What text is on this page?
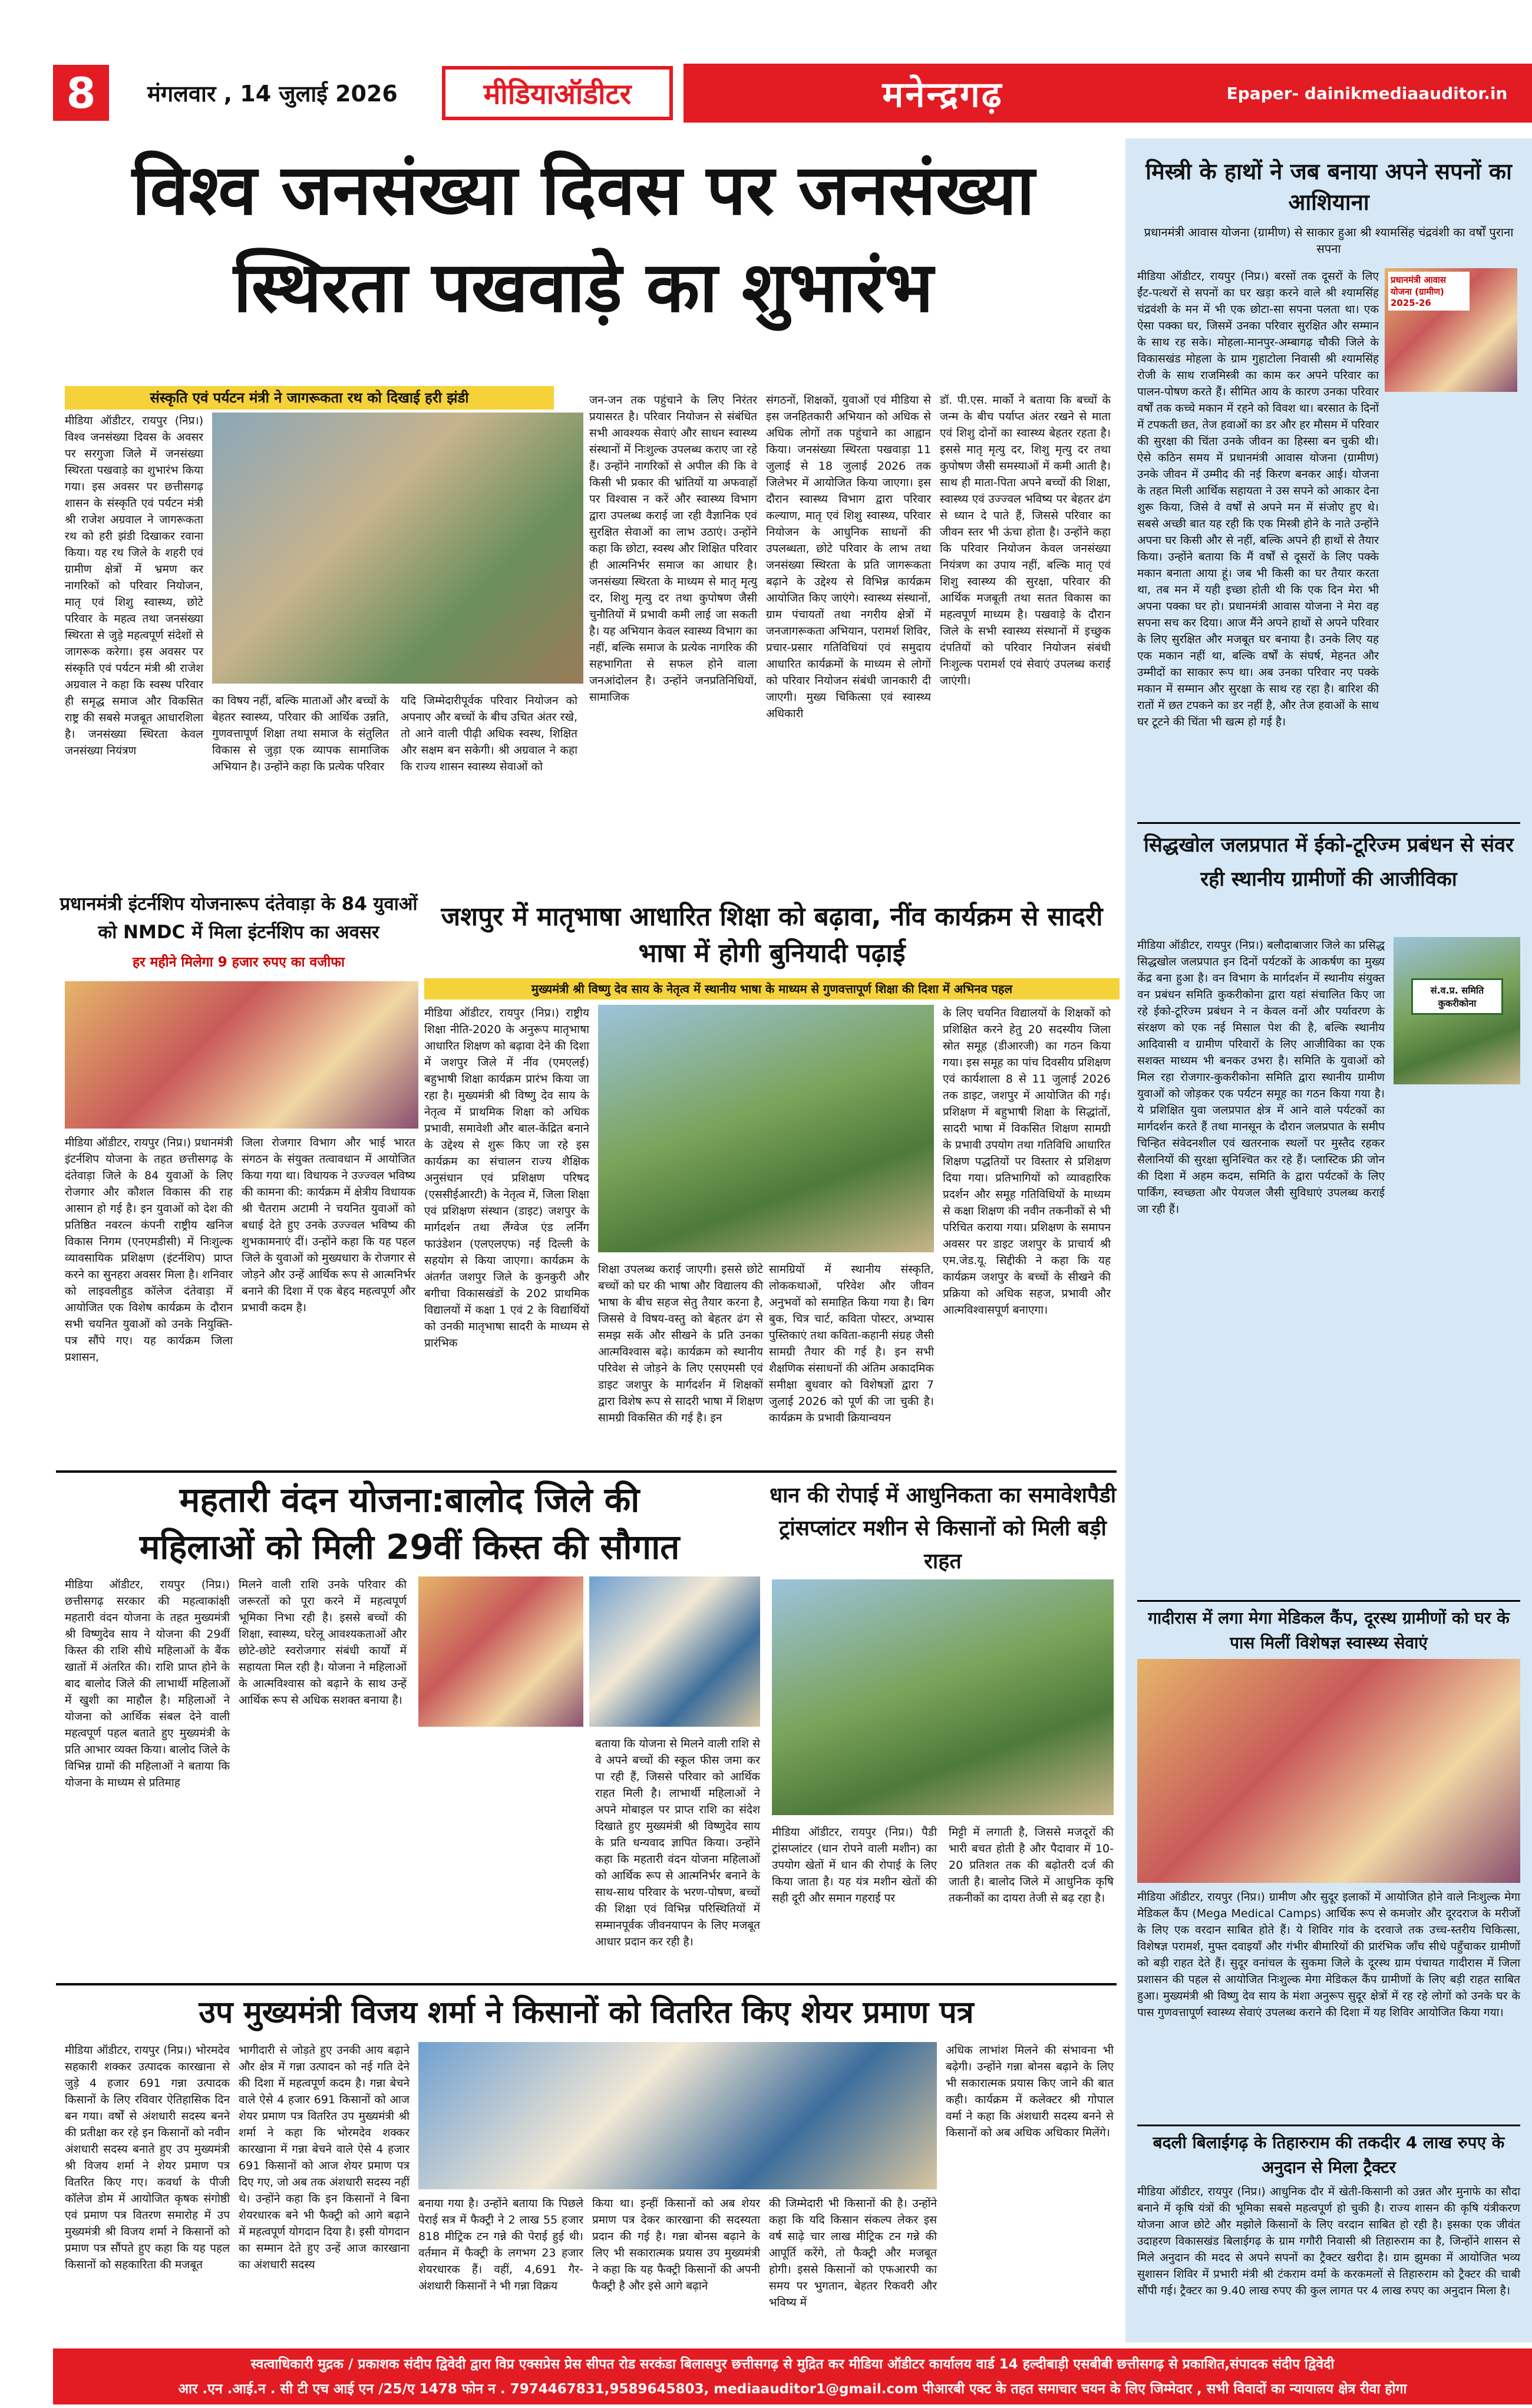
8	मंगलवार , 14 जुलाई 2026	मीडियाऑडीटर	मनेन्द्रगढ़	Epaper- dainikmediaauditor.in
विश्व जनसंख्या दिवस पर जनसंख्या
स्थिरता पखवाड़े का शुभारंभ
संस्कृति एवं पर्यटन मंत्री ने जागरूकता रथ को दिखाई हरी झंडी
मीडिया ऑडीटर, रायपुर (निप्र।) विश्व जनसंख्या दिवस के अवसर पर सरगुजा जिले में जनसंख्या स्थिरता पखवाड़े का शुभारंभ किया गया। इस अवसर पर छत्तीसगढ़ शासन के संस्कृति एवं पर्यटन मंत्री श्री राजेश अग्रवाल ने जागरूकता रथ को हरी झंडी दिखाकर रवाना किया। यह रथ जिले के शहरी एवं ग्रामीण क्षेत्रों में भ्रमण कर नागरिकों को परिवार नियोजन, मातृ एवं शिशु स्वास्थ्य, छोटे परिवार के महत्व तथा जनसंख्या स्थिरता से जुड़े महत्वपूर्ण संदेशों से जागरूक करेगा। इस अवसर पर संस्कृति एवं पर्यटन मंत्री श्री राजेश अग्रवाल ने कहा कि स्वस्थ परिवार ही समृद्ध समाज और विकसित राष्ट्र की सबसे मजबूत आधारशिला है। जनसंख्या स्थिरता केवल जनसंख्या नियंत्रण
का विषय नहीं, बल्कि माताओं और बच्चों के बेहतर स्वास्थ्य, परिवार की आर्थिक उन्नति, गुणवत्तापूर्ण शिक्षा तथा समाज के संतुलित विकास से जुड़ा एक व्यापक सामाजिक अभियान है। उन्होंने कहा कि प्रत्येक परिवार
यदि जिम्मेदारीपूर्वक परिवार नियोजन को अपनाए और बच्चों के बीच उचित अंतर रखे, तो आने वाली पीढ़ी अधिक स्वस्थ, शिक्षित और सक्षम बन सकेगी। श्री अग्रवाल ने कहा कि राज्य शासन स्वास्थ्य सेवाओं को
जन-जन तक पहुंचाने के लिए निरंतर प्रयासरत है। परिवार नियोजन से संबंधित सभी आवश्यक सेवाएं और साधन स्वास्थ्य संस्थानों में निःशुल्क उपलब्ध कराए जा रहे हैं। उन्होंने नागरिकों से अपील की कि वे किसी भी प्रकार की भ्रांतियों या अफवाहों पर विश्वास न करें और स्वास्थ्य विभाग द्वारा उपलब्ध कराई जा रही वैज्ञानिक एवं सुरक्षित सेवाओं का लाभ उठाएं। उन्होंने कहा कि छोटा, स्वस्थ और शिक्षित परिवार ही आत्मनिर्भर समाज का आधार है। जनसंख्या स्थिरता के माध्यम से मातृ मृत्यु दर, शिशु मृत्यु दर तथा कुपोषण जैसी चुनौतियों में प्रभावी कमी लाई जा सकती है। यह अभियान केवल स्वास्थ्य विभाग का नहीं, बल्कि समाज के प्रत्येक नागरिक की सहभागिता से सफल होने वाला जनआंदोलन है। उन्होंने जनप्रतिनिधियों, सामाजिक
संगठनों, शिक्षकों, युवाओं एवं मीडिया से इस जनहितकारी अभियान को अधिक से अधिक लोगों तक पहुंचाने का आह्वान किया। जनसंख्या स्थिरता पखवाड़ा 11 जुलाई से 18 जुलाई 2026 तक जिलेभर में आयोजित किया जाएगा। इस दौरान स्वास्थ्य विभाग द्वारा परिवार कल्याण, मातृ एवं शिशु स्वास्थ्य, परिवार नियोजन के आधुनिक साधनों की उपलब्धता, छोटे परिवार के लाभ तथा जनसंख्या स्थिरता के प्रति जागरूकता बढ़ाने के उद्देश्य से विभिन्न कार्यक्रम आयोजित किए जाएंगे। स्वास्थ्य संस्थानों, ग्राम पंचायतों तथा नगरीय क्षेत्रों में जनजागरूकता अभियान, परामर्श शिविर, प्रचार-प्रसार गतिविधियां एवं समुदाय आधारित कार्यक्रमों के माध्यम से लोगों को परिवार नियोजन संबंधी जानकारी दी जाएगी। मुख्य चिकित्सा एवं स्वास्थ्य अधिकारी
डॉ. पी.एस. मार्को ने बताया कि बच्चों के जन्म के बीच पर्याप्त अंतर रखने से माता एवं शिशु दोनों का स्वास्थ्य बेहतर रहता है। इससे मातृ मृत्यु दर, शिशु मृत्यु दर तथा कुपोषण जैसी समस्याओं में कमी आती है। साथ ही माता-पिता अपने बच्चों की शिक्षा, स्वास्थ्य एवं उज्ज्वल भविष्य पर बेहतर ढंग से ध्यान दे पाते हैं, जिससे परिवार का जीवन स्तर भी ऊंचा होता है। उन्होंने कहा कि परिवार नियोजन केवल जनसंख्या नियंत्रण का उपाय नहीं, बल्कि मातृ एवं शिशु स्वास्थ्य की सुरक्षा, परिवार की आर्थिक मजबूती तथा सतत विकास का महत्वपूर्ण माध्यम है। पखवाड़े के दौरान जिले के सभी स्वास्थ्य संस्थानों में इच्छुक दंपतियों को परिवार नियोजन संबंधी निःशुल्क परामर्श एवं सेवाएं उपलब्ध कराई जाएंगी।
प्रधानमंत्री इंटर्नशिप योजनारूप दंतेवाड़ा के 84 युवाओं को NMDC में मिला इंटर्नशिप का अवसर
हर महीने मिलेगा 9 हजार रुपए का वजीफा
मीडिया ऑडीटर, रायपुर (निप्र।) प्रधानमंत्री इंटर्नशिप योजना के तहत छत्तीसगढ़ के दंतेवाड़ा जिले के 84 युवाओं के लिए रोजगार और कौशल विकास की राह आसान हो गई है। इन युवाओं को देश की प्रतिष्ठित नवरत्न कंपनी राष्ट्रीय खनिज विकास निगम (एनएमडीसी) में निःशुल्क व्यावसायिक प्रशिक्षण (इंटर्नशिप) प्राप्त करने का सुनहरा अवसर मिला है। शनिवार को लाइवलीहुड कॉलेज दंतेवाड़ा में आयोजित एक विशेष कार्यक्रम के दौरान सभी चयनित युवाओं को उनके नियुक्ति-पत्र सौंपे गए। यह कार्यक्रम जिला प्रशासन,
जिला रोजगार विभाग और भाई भारत संगठन के संयुक्त तत्वावधान में आयोजित किया गया था। विधायक ने उज्ज्वल भविष्य की कामना की: कार्यक्रम में क्षेत्रीय विधायक श्री चैतराम अटामी ने चयनित युवाओं को बधाई देते हुए उनके उज्ज्वल भविष्य की शुभकामनाएं दीं। उन्होंने कहा कि यह पहल जिले के युवाओं को मुख्यधारा के रोजगार से जोड़ने और उन्हें आर्थिक रूप से आत्मनिर्भर बनाने की दिशा में एक बेहद महत्वपूर्ण और प्रभावी कदम है।
जशपुर में मातृभाषा आधारित शिक्षा को बढ़ावा, नींव कार्यक्रम से सादरी भाषा में होगी बुनियादी पढ़ाई
मुख्यमंत्री श्री विष्णु देव साय के नेतृत्व में स्थानीय भाषा के माध्यम से गुणवत्तापूर्ण शिक्षा की दिशा में अभिनव पहल
मीडिया ऑडीटर, रायपुर (निप्र।) राष्ट्रीय शिक्षा नीति-2020 के अनुरूप मातृभाषा आधारित शिक्षण को बढ़ावा देने की दिशा में जशपुर जिले में नींव (एमएलई) बहुभाषी शिक्षा कार्यक्रम प्रारंभ किया जा रहा है। मुख्यमंत्री श्री विष्णु देव साय के नेतृत्व में प्राथमिक शिक्षा को अधिक प्रभावी, समावेशी और बाल-केंद्रित बनाने के उद्देश्य से शुरू किए जा रहे इस कार्यक्रम का संचालन राज्य शैक्षिक अनुसंधान एवं प्रशिक्षण परिषद (एससीईआरटी) के नेतृत्व में, जिला शिक्षा एवं प्रशिक्षण संस्थान (डाइट) जशपुर के मार्गदर्शन तथा लैंग्वेज एंड लर्निंग फाउंडेशन (एलएलएफ) नई दिल्ली के सहयोग से किया जाएगा। कार्यक्रम के अंतर्गत जशपुर जिले के कुनकुरी और बगीचा विकासखंडों के 202 प्राथमिक विद्यालयों में कक्षा 1 एवं 2 के विद्यार्थियों को उनकी मातृभाषा सादरी के माध्यम से प्रारंभिक
शिक्षा उपलब्ध कराई जाएगी। इससे छोटे बच्चों को घर की भाषा और विद्यालय की भाषा के बीच सहज सेतु तैयार करना है, जिससे वे विषय-वस्तु को बेहतर ढंग से समझ सकें और सीखने के प्रति उनका आत्मविश्वास बढ़े। कार्यक्रम को स्थानीय परिवेश से जोड़ने के लिए एसएमसी एवं डाइट जशपुर के मार्गदर्शन में शिक्षकों द्वारा विशेष रूप से सादरी भाषा में शिक्षण सामग्री विकसित की गई है। इन
सामग्रियों में स्थानीय संस्कृति, लोककथाओं, परिवेश और जीवन अनुभवों को समाहित किया गया है। बिग बुक, चित्र चार्ट, कविता पोस्टर, अभ्यास पुस्तिकाएं तथा कविता-कहानी संग्रह जैसी सामग्री तैयार की गई है। इन सभी शैक्षणिक संसाधनों की अंतिम अकादमिक समीक्षा बुधवार को विशेषज्ञों द्वारा 7 जुलाई 2026 को पूर्ण की जा चुकी है। कार्यक्रम के प्रभावी क्रियान्वयन
के लिए चयनित विद्यालयों के शिक्षकों को प्रशिक्षित करने हेतु 20 सदस्यीय जिला स्रोत समूह (डीआरजी) का गठन किया गया। इस समूह का पांच दिवसीय प्रशिक्षण एवं कार्यशाला 8 से 11 जुलाई 2026 तक डाइट, जशपुर में आयोजित की गई। प्रशिक्षण में बहुभाषी शिक्षा के सिद्धांतों, सादरी भाषा में विकसित शिक्षण सामग्री के प्रभावी उपयोग तथा गतिविधि आधारित शिक्षण पद्धतियों पर विस्तार से प्रशिक्षण दिया गया। प्रतिभागियों को व्यावहारिक प्रदर्शन और समूह गतिविधियों के माध्यम से कक्षा शिक्षण की नवीन तकनीकों से भी परिचित कराया गया। प्रशिक्षण के समापन अवसर पर डाइट जशपुर के प्राचार्य श्री एम.जेड.यू. सिद्दीकी ने कहा कि यह कार्यक्रम जशपुर के बच्चों के सीखने की प्रक्रिया को अधिक सहज, प्रभावी और आत्मविश्वासपूर्ण बनाएगा।
महतारी वंदन योजना:बालोद जिले की
महिलाओं को मिली 29वीं किस्त की सौगात
मीडिया ऑडीटर, रायपुर (निप्र।) छत्तीसगढ़ सरकार की महत्वाकांक्षी महतारी वंदन योजना के तहत मुख्यमंत्री श्री विष्णुदेव साय ने योजना की 29वीं किस्त की राशि सीधे महिलाओं के बैंक खातों में अंतरित की। राशि प्राप्त होने के बाद बालोद जिले की लाभार्थी महिलाओं में खुशी का माहौल है। महिलाओं ने योजना को आर्थिक संबल देने वाली महत्वपूर्ण पहल बताते हुए मुख्यमंत्री के प्रति आभार व्यक्त किया। बालोद जिले के विभिन्न ग्रामों की महिलाओं ने बताया कि योजना के माध्यम से प्रतिमाह
मिलने वाली राशि उनके परिवार की जरूरतों को पूरा करने में महत्वपूर्ण भूमिका निभा रही है। इससे बच्चों की शिक्षा, स्वास्थ्य, घरेलू आवश्यकताओं और छोटे-छोटे स्वरोजगार संबंधी कार्यों में सहायता मिल रही है। योजना ने महिलाओं के आत्मविश्वास को बढ़ाने के साथ उन्हें आर्थिक रूप से अधिक सशक्त बनाया है।
बताया कि योजना से मिलने वाली राशि से वे अपने बच्चों की स्कूल फीस जमा कर पा रही हैं, जिससे परिवार को आर्थिक राहत मिली है। लाभार्थी महिलाओं ने अपने मोबाइल पर प्राप्त राशि का संदेश दिखाते हुए मुख्यमंत्री श्री विष्णुदेव साय के प्रति धन्यवाद ज्ञापित किया। उन्होंने कहा कि महतारी वंदन योजना महिलाओं को आर्थिक रूप से आत्मनिर्भर बनाने के साथ-साथ परिवार के भरण-पोषण, बच्चों की शिक्षा एवं विभिन्न परिस्थितियों में सम्मानपूर्वक जीवनयापन के लिए मजबूत आधार प्रदान कर रही है।
धान की रोपाई में आधुनिकता का समावेशपैडी ट्रांसप्लांटर मशीन से किसानों को मिली बड़ी राहत
मीडिया ऑडीटर, रायपुर (निप्र।) पैडी ट्रांसप्लांटर (धान रोपने वाली मशीन) का उपयोग खेतों में धान की रोपाई के लिए किया जाता है। यह यंत्र मशीन खेतों की सही दूरी और समान गहराई पर
मिट्टी में लगाती है, जिससे मजदूरों की भारी बचत होती है और पैदावार में 10-20 प्रतिशत तक की बढ़ोतरी दर्ज की जाती है। बालोद जिले में आधुनिक कृषि तकनीकों का दायरा तेजी से बढ़ रहा है।
उप मुख्यमंत्री विजय शर्मा ने किसानों को वितरित किए शेयर प्रमाण पत्र
मीडिया ऑडीटर, रायपुर (निप्र।) भोरमदेव सहकारी शक्कर उत्पादक कारखाना से जुड़े 4 हजार 691 गन्ना उत्पादक किसानों के लिए रविवार ऐतिहासिक दिन बन गया। वर्षों से अंशधारी सदस्य बनने की प्रतीक्षा कर रहे इन किसानों को नवीन अंशधारी सदस्य बनाते हुए उप मुख्यमंत्री श्री विजय शर्मा ने शेयर प्रमाण पत्र वितरित किए गए। कवर्धा के पीजी कॉलेज डोम में आयोजित कृषक संगोष्ठी एवं प्रमाण पत्र वितरण समारोह में उप मुख्यमंत्री श्री विजय शर्मा ने किसानों को प्रमाण पत्र सौंपते हुए कहा कि यह पहल किसानों को सहकारिता की मजबूत
भागीदारी से जोड़ते हुए उनकी आय बढ़ाने और क्षेत्र में गन्ना उत्पादन को नई गति देने की दिशा में महत्वपूर्ण कदम है। गन्ना बेचने वाले ऐसे 4 हजार 691 किसानों को आज शेयर प्रमाण पत्र वितरित उप मुख्यमंत्री श्री शर्मा ने कहा कि भोरमदेव शक्कर कारखाना में गन्ना बेचने वाले ऐसे 4 हजार 691 किसानों को आज शेयर प्रमाण पत्र दिए गए, जो अब तक अंशधारी सदस्य नहीं थे। उन्होंने कहा कि इन किसानों ने बिना शेयरधारक बने भी फैक्ट्री को आगे बढ़ाने में महत्वपूर्ण योगदान दिया है। इसी योगदान का सम्मान देते हुए उन्हें आज कारखाना का अंशधारी सदस्य
बनाया गया है। उन्होंने बताया कि पिछले पेराई सत्र में फैक्ट्री ने 2 लाख 55 हजार 818 मीट्रिक टन गन्ने की पेराई हुई थी। वर्तमान में फैक्ट्री के लगभग 23 हजार शेयरधारक हैं। वहीं, 4,691 गैर-अंशधारी किसानों ने भी गन्ना विक्रय
किया था। इन्हीं किसानों को अब शेयर प्रमाण पत्र देकर कारखाना की सदस्यता प्रदान की गई है। गन्ना बोनस बढ़ाने के लिए भी सकारात्मक प्रयास उप मुख्यमंत्री ने कहा कि यह फैक्ट्री किसानों की अपनी फैक्ट्री है और इसे आगे बढ़ाने
की जिम्मेदारी भी किसानों की है। उन्होंने कहा कि यदि किसान संकल्प लेकर इस वर्ष साढ़े चार लाख मीट्रिक टन गन्ने की आपूर्ति करेंगे, तो फैक्ट्री और मजबूत होगी। इससे किसानों को एफआरपी का समय पर भुगतान, बेहतर रिकवरी और भविष्य में
अधिक लाभांश मिलने की संभावना भी बढ़ेगी। उन्होंने गन्ना बोनस बढ़ाने के लिए भी सकारात्मक प्रयास किए जाने की बात कही। कार्यक्रम में कलेक्टर श्री गोपाल वर्मा ने कहा कि अंशधारी सदस्य बनने से किसानों को अब अधिक अधिकार मिलेंगे।
मिस्त्री के हाथों ने जब बनाया अपने सपनों का आशियाना
प्रधानमंत्री आवास योजना (ग्रामीण) से साकार हुआ श्री श्यामसिंह चंद्रवंशी का वर्षों पुराना सपना
प्रधानमंत्री आवास योजना (ग्रामीण) 2025-26
मीडिया ऑडीटर, रायपुर (निप्र।) बरसों तक दूसरों के लिए ईंट-पत्थरों से सपनों का घर खड़ा करने वाले श्री श्यामसिंह चंद्रवंशी के मन में भी एक छोटा-सा सपना पलता था। एक ऐसा पक्का घर, जिसमें उनका परिवार सुरक्षित और सम्मान के साथ रह सके। मोहला-मानपुर-अम्बागढ़ चौकी जिले के विकासखंड मोहला के ग्राम गुहाटोला निवासी श्री श्यामसिंह रोजी के साथ राजमिस्त्री का काम कर अपने परिवार का पालन-पोषण करते हैं। सीमित आय के कारण उनका परिवार वर्षों तक कच्चे मकान में रहने को विवश था। बरसात के दिनों में टपकती छत, तेज हवाओं का डर और हर मौसम में परिवार की सुरक्षा की चिंता उनके जीवन का हिस्सा बन चुकी थी। ऐसे कठिन समय में प्रधानमंत्री आवास योजना (ग्रामीण) उनके जीवन में उम्मीद की नई किरण बनकर आई। योजना के तहत मिली आर्थिक सहायता ने उस सपने को आकार देना शुरू किया, जिसे वे वर्षों से अपने मन में संजोए हुए थे। सबसे अच्छी बात यह रही कि एक मिस्त्री होने के नाते उन्होंने अपना घर किसी और से नहीं, बल्कि अपने ही हाथों से तैयार किया। उन्होंने बताया कि मैं वर्षों से दूसरों के लिए पक्के मकान बनाता आया हूं। जब भी किसी का घर तैयार करता था, तब मन में यही इच्छा होती थी कि एक दिन मेरा भी अपना पक्का घर हो। प्रधानमंत्री आवास योजना ने मेरा वह सपना सच कर दिया। आज मैंने अपने हाथों से अपने परिवार के लिए सुरक्षित और मजबूत घर बनाया है। उनके लिए यह एक मकान नहीं था, बल्कि वर्षों के संघर्ष, मेहनत और उम्मीदों का साकार रूप था। अब उनका परिवार नए पक्के मकान में सम्मान और सुरक्षा के साथ रह रहा है। बारिश की रातों में छत टपकने का डर नहीं है, और तेज हवाओं के साथ घर टूटने की चिंता भी खत्म हो गई है।
सिद्धखोल जलप्रपात में ईको-टूरिज्म प्रबंधन से संवर रही स्थानीय ग्रामीणों की आजीविका
मीडिया ऑडीटर, रायपुर (निप्र।) बलौदाबाजार जिले का प्रसिद्ध सिद्धखोल जलप्रपात इन दिनों पर्यटकों के आकर्षण का मुख्य केंद्र बना हुआ है। वन विभाग के मार्गदर्शन में स्थानीय संयुक्त वन प्रबंधन समिति कुकरीकोना द्वारा यहां संचालित किए जा रहे ईको-टूरिज्म प्रबंधन ने न केवल वनों और पर्यावरण के संरक्षण को एक नई मिसाल पेश की है, बल्कि स्थानीय आदिवासी व ग्रामीण परिवारों के लिए आजीविका का एक सशक्त माध्यम भी बनकर उभरा है। समिति के युवाओं को मिल रहा रोजगार-कुकरीकोना समिति द्वारा स्थानीय ग्रामीण युवाओं को जोड़कर एक पर्यटन समूह का गठन किया गया है। ये प्रशिक्षित युवा जलप्रपात क्षेत्र में आने वाले पर्यटकों का मार्गदर्शन करते हैं तथा मानसून के दौरान जलप्रपात के समीप चिन्हित संवेदनशील एवं खतरनाक स्थलों पर मुस्तैद रहकर सैलानियों की सुरक्षा सुनिश्चित कर रहे हैं। प्लास्टिक फ्री जोन की दिशा में अहम कदम, समिति के द्वारा पर्यटकों के लिए पार्किंग, स्वच्छता और पेयजल जैसी सुविधाएं उपलब्ध कराई जा रही हैं।
सं.व.प्र. समिति
कुकरीकोना
गादीरास में लगा मेगा मेडिकल कैंप, दूरस्थ ग्रामीणों को घर के पास मिलीं विशेषज्ञ स्वास्थ्य सेवाएं
मीडिया ऑडीटर, रायपुर (निप्र।) ग्रामीण और सुदूर इलाकों में आयोजित होने वाले निःशुल्क मेगा मेडिकल कैंप (Mega Medical Camps) आर्थिक रूप से कमजोर और दूरदराज के मरीजों के लिए एक वरदान साबित होते हैं। ये शिविर गांव के दरवाजे तक उच्च-स्तरीय चिकित्सा, विशेषज्ञ परामर्श, मुफ्त दवाइयाँ और गंभीर बीमारियों की प्रारंभिक जाँच सीधे पहुँचाकर ग्रामीणों को बड़ी राहत देते हैं। सुदूर वनांचल के सुकमा जिले के दूरस्थ ग्राम पंचायत गादीरास में जिला प्रशासन की पहल से आयोजित निःशुल्क मेगा मेडिकल कैंप ग्रामीणों के लिए बड़ी राहत साबित हुआ। मुख्यमंत्री श्री विष्णु देव साय के मंशा अनुरूप सुदूर क्षेत्रों में रह रहे लोगों को उनके घर के पास गुणवत्तापूर्ण स्वास्थ्य सेवाएं उपलब्ध कराने की दिशा में यह शिविर आयोजित किया गया।
बदली बिलाईगढ़ के तिहारुराम की तकदीर 4 लाख रुपए के अनुदान से मिला ट्रैक्टर
मीडिया ऑडीटर, रायपुर (निप्र।) आधुनिक दौर में खेती-किसानी को उन्नत और मुनाफे का सौदा बनाने में कृषि यंत्रों की भूमिका सबसे महत्वपूर्ण हो चुकी है। राज्य शासन की कृषि यंत्रीकरण योजना आज छोटे और मझोले किसानों के लिए वरदान साबित हो रही है। इसका एक जीवंत उदाहरण विकासखंड बिलाईगढ़ के ग्राम गगौरी निवासी श्री तिहारुराम का है, जिन्होंने शासन से मिले अनुदान की मदद से अपने सपनों का ट्रैक्टर खरीदा है। ग्राम झुमका में आयोजित भव्य सुशासन शिविर में प्रभारी मंत्री श्री टंकराम वर्मा के करकमलों से तिहारुराम को ट्रैक्टर की चाबी सौंपी गई। ट्रैक्टर का 9.40 लाख रुपए की कुल लागत पर 4 लाख रुपए का अनुदान मिला है।
स्वत्वाधिकारी मुद्रक / प्रकाशक संदीप द्विवेदी द्वारा विप्र एक्सप्रेस प्रेस सीपत रोड सरकंडा बिलासपुर छत्तीसगढ़ से मुद्रित कर मीडिया ऑडीटर कार्यालय वार्ड 14 हल्दीबाड़ी एसबीबी छत्तीसगढ़ से प्रकाशित,संपादक संदीप द्विवेदी
आर .एन .आई.न . सी टी एच आई एन /25/ए 1478 फोन न . 7974467831,9589645803, mediaauditor1@gmail.com पीआरबी एक्ट के तहत समाचार चयन के लिए जिम्मेदार , सभी विवादों का न्यायालय क्षेत्र रीवा होगा
